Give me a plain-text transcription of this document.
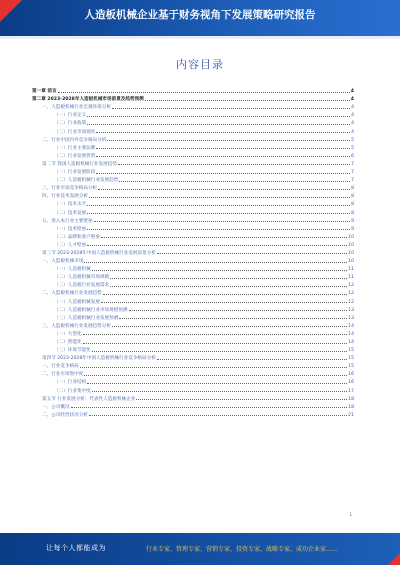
人造板机械企业基于财务视角下发展策略研究报告
内容目录
第一章 前言	4
第二章 2023-2028年人造板机械市场前景及趋势预测	4
一、人造板机械行业宏观环境分析	4
（一）行业定义	4
（二）行业政策	4
（三）行业市场现状	4
二、行业中国内外竞争格局分析	5
（一）行业主要品牌	5
（二）行业发展优势	6
第二节 我国人造板机械行业发展趋势	7
（一）行业发展阶段	7
（二）人造板机械行业发展趋势	7
三、行业市场竞争格局分析	8
四、行业技术发展分析	8
（一）技术水平	8
（二）技术发展	8
五、进入本行业主要壁垒	9
（一）技术壁垒	9
（二）品牌和客户壁垒	10
（三）人才壁垒	10
第三节 2023-2028年中国人造板机械行业发展前景分析	10
一、人造板机械市场	10
（一）人造板机械	11
（二）人造板机械市场规模	11
（三）人造板行业发展需求	12
二、人造板机械行业发展趋势	12
（一）人造板机械发展	12
（二）人造板机械行业市场规模预测	13
（三）人造板机械行业发展预测	13
三、人造板机械行业发展趋势分析	14
（一）大型化	14
（二）智能化	14
（三）环保节能化	15
第四节 2023-2028年中国人造板机械行业竞争格局分析	15
一、行业竞争格局	15
二、行业市场集中度	16
（一）行业结构	16
（二）行业集中度	17
第五节 行业发展分析：代表性人造板机械企业	18
一、公司概况	18
二、公司经营状况分析	21
1
让每个人都能成为	行业专家、管理专家、营销专家、投资专家、战略专家、成功企业家……
